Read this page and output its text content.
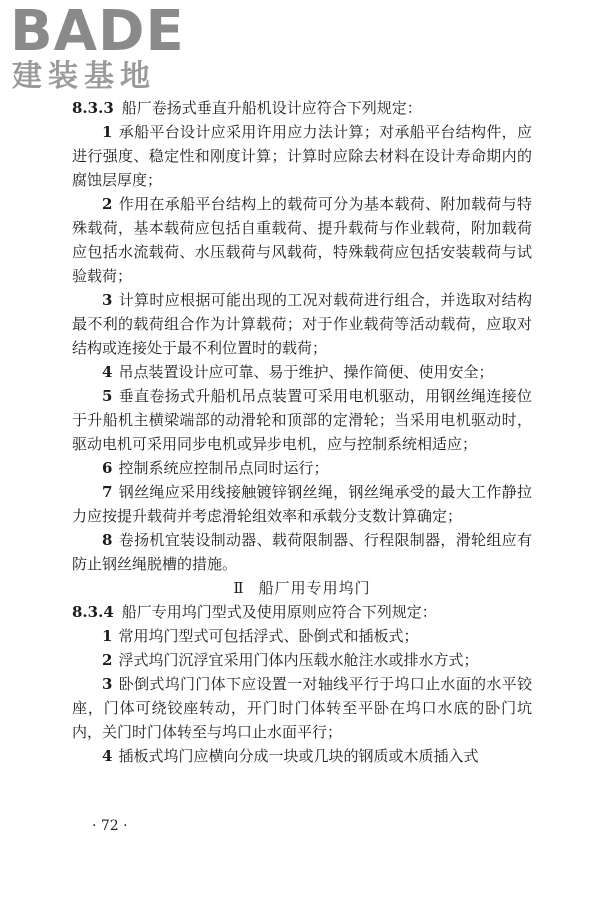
BADE
建装基地

8.3.3 船厂卷扬式垂直升船机设计应符合下列规定：

1 承船平台设计应采用许用应力法计算；对承船平台结构件，应进行强度、稳定性和刚度计算；计算时应除去材料在设计寿命期内的腐蚀层厚度；

2 作用在承船平台结构上的载荷可分为基本载荷、附加载荷与特殊载荷，基本载荷应包括自重载荷、提升载荷与作业载荷，附加载荷应包括水流载荷、水压载荷与风载荷，特殊载荷应包括安装载荷与试验载荷；

3 计算时应根据可能出现的工况对载荷进行组合，并选取对结构最不利的载荷组合作为计算载荷；对于作业载荷等活动载荷，应取对结构或连接处于最不利位置时的载荷；

4 吊点装置设计应可靠、易于维护、操作简便、使用安全；

5 垂直卷扬式升船机吊点装置可采用电机驱动，用钢丝绳连接位于升船机主横梁端部的动滑轮和顶部的定滑轮；当采用电机驱动时，驱动电机可采用同步电机或异步电机，应与控制系统相适应；

6 控制系统应控制吊点同时运行；

7 钢丝绳应采用线接触镀锌钢丝绳，钢丝绳承受的最大工作静拉力应按提升载荷并考虑滑轮组效率和承载分支数计算确定；

8 卷扬机宜装设制动器、载荷限制器、行程限制器，滑轮组应有防止钢丝绳脱槽的措施。

Ⅱ 船厂用专用坞门

8.3.4 船厂专用坞门型式及使用原则应符合下列规定：

1 常用坞门型式可包括浮式、卧倒式和插板式；

2 浮式坞门沉浮宜采用门体内压载水舱注水或排水方式；

3 卧倒式坞门门体下应设置一对轴线平行于坞口止水面的水平铰座，门体可绕铰座转动，开门时门体转至平卧在坞口水底的卧门坑内，关门时门体转至与坞口止水面平行；

4 插板式坞门应横向分成一块或几块的钢质或木质插入式

· 72 ·
